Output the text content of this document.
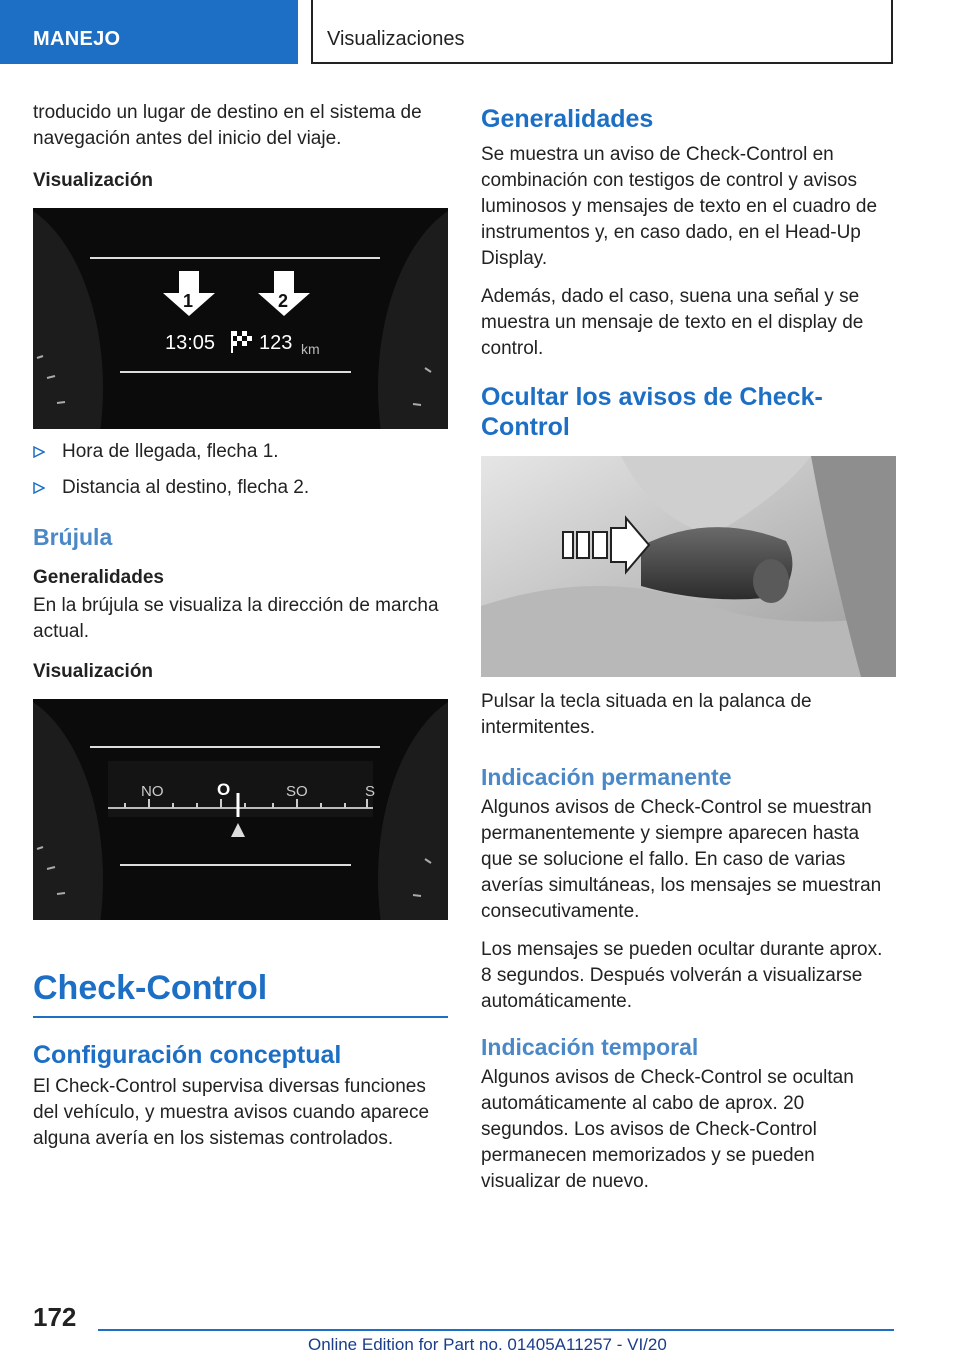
MANEJO	Visualizaciones

troducido un lugar de destino en el sistema de navegación antes del inicio del viaje.

Visualización

1	2
13:05 123 km
Hora de llegada, flecha 1.
Distancia al destino, flecha 2.
Brújula

Generalidades

En la brújula se visualiza la dirección de marcha actual.

Visualización

NO	O	SO	S
Check-Control
Configuración conceptual

El Check-Control supervisa diversas funciones del vehículo, y muestra avisos cuando aparece alguna avería en los sistemas controlados.

Generalidades

Se muestra un aviso de Check-Control en combinación con testigos de control y avisos luminosos y mensajes de texto en el cuadro de instrumentos y, en caso dado, en el Head-Up Display.

Además, dado el caso, suena una señal y se muestra un mensaje de texto en el display de control.

Ocultar los avisos de Check-Control

Pulsar la tecla situada en la palanca de intermitentes.

Indicación permanente

Algunos avisos de Check-Control se muestran permanentemente y siempre aparecen hasta que se solucione el fallo. En caso de varias averías simultáneas, los mensajes se muestran consecutivamente.

Los mensajes se pueden ocultar durante aprox. 8 segundos. Después volverán a visualizarse automáticamente.

Indicación temporal

Algunos avisos de Check-Control se ocultan automáticamente al cabo de aprox. 20 segundos. Los avisos de Check-Control permanecen memorizados y se pueden visualizar de nuevo.

172
Online Edition for Part no. 01405A11257 - VI/20
